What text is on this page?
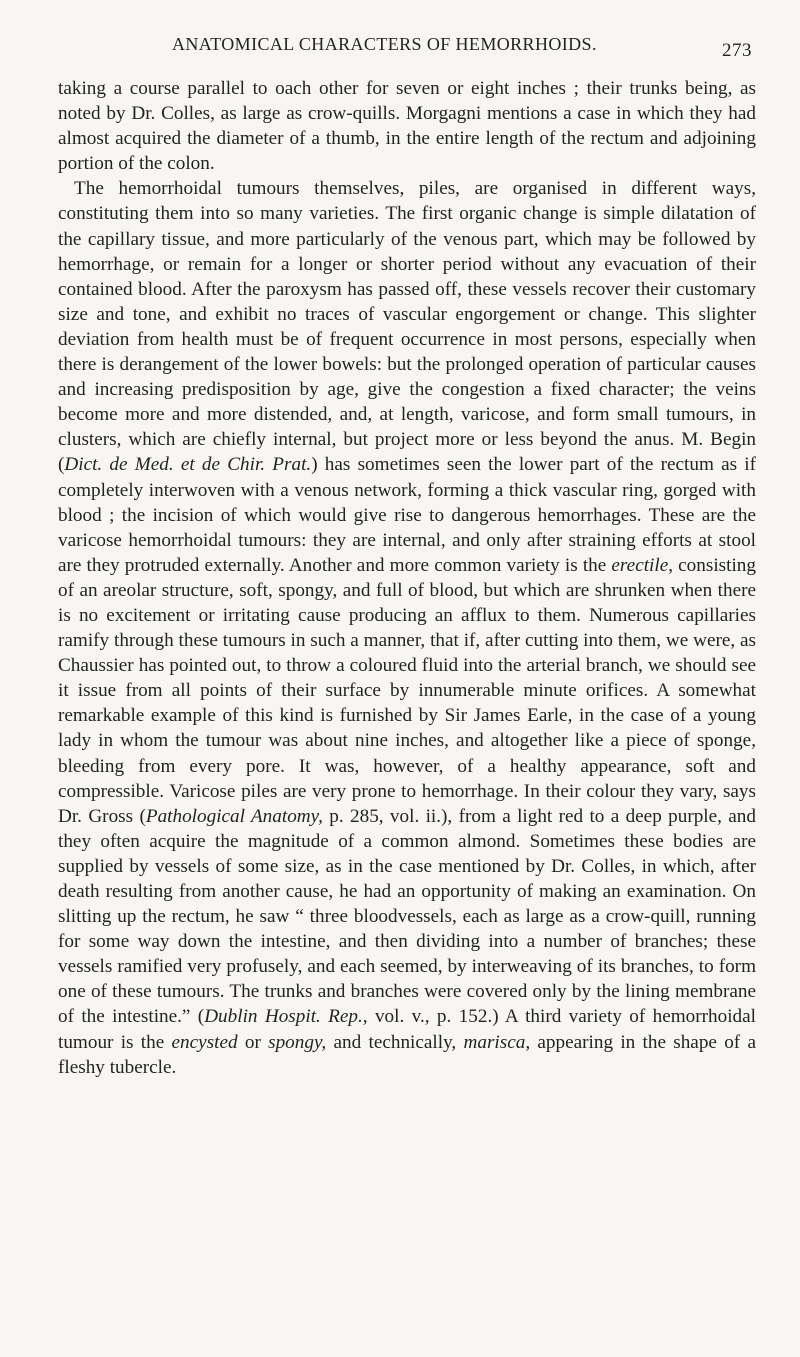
ANATOMICAL CHARACTERS OF HEMORRHOIDS.	273

taking a course parallel to oach other for seven or eight inches ; their trunks being, as noted by Dr. Colles, as large as crow-quills. Morgagni mentions a case in which they had almost acquired the diameter of a thumb, in the entire length of the rectum and adjoining portion of the colon.

The hemorrhoidal tumours themselves, piles, are organised in different ways, constituting them into so many varieties. The first organic change is simple dilatation of the capillary tissue, and more particularly of the venous part, which may be followed by hemorrhage, or remain for a longer or shorter period without any evacuation of their contained blood. After the paroxysm has passed off, these vessels recover their customary size and tone, and exhibit no traces of vascular engorgement or change. This slighter deviation from health must be of frequent occurrence in most persons, especially when there is derangement of the lower bowels: but the prolonged operation of particular causes and increasing predisposition by age, give the congestion a fixed character; the veins become more and more distended, and, at length, varicose, and form small tumours, in clusters, which are chiefly internal, but project more or less beyond the anus. M. Begin (Dict. de Med. et de Chir. Prat.) has sometimes seen the lower part of the rectum as if completely interwoven with a venous network, forming a thick vascular ring, gorged with blood ; the incision of which would give rise to dangerous hemorrhages. These are the varicose hemorrhoidal tumours: they are internal, and only after straining efforts at stool are they protruded externally. Another and more common variety is the erectile, consisting of an areolar structure, soft, spongy, and full of blood, but which are shrunken when there is no excitement or irritating cause producing an afflux to them. Numerous capillaries ramify through these tumours in such a manner, that if, after cutting into them, we were, as Chaussier has pointed out, to throw a coloured fluid into the arterial branch, we should see it issue from all points of their surface by innumerable minute orifices. A somewhat remarkable example of this kind is furnished by Sir James Earle, in the case of a young lady in whom the tumour was about nine inches, and altogether like a piece of sponge, bleeding from every pore. It was, however, of a healthy appearance, soft and compressible. Varicose piles are very prone to hemorrhage. In their colour they vary, says Dr. Gross (Pathological Anatomy, p. 285, vol. ii.), from a light red to a deep purple, and they often acquire the magnitude of a common almond. Sometimes these bodies are supplied by vessels of some size, as in the case mentioned by Dr. Colles, in which, after death resulting from another cause, he had an opportunity of making an examination. On slitting up the rectum, he saw “ three bloodvessels, each as large as a crow-quill, running for some way down the intestine, and then dividing into a number of branches; these vessels ramified very profusely, and each seemed, by interweaving of its branches, to form one of these tumours. The trunks and branches were covered only by the lining membrane of the intestine.” (Dublin Hospit. Rep., vol. v., p. 152.) A third variety of hemorrhoidal tumour is the encysted or spongy, and technically, marisca, appearing in the shape of a fleshy tubercle.
